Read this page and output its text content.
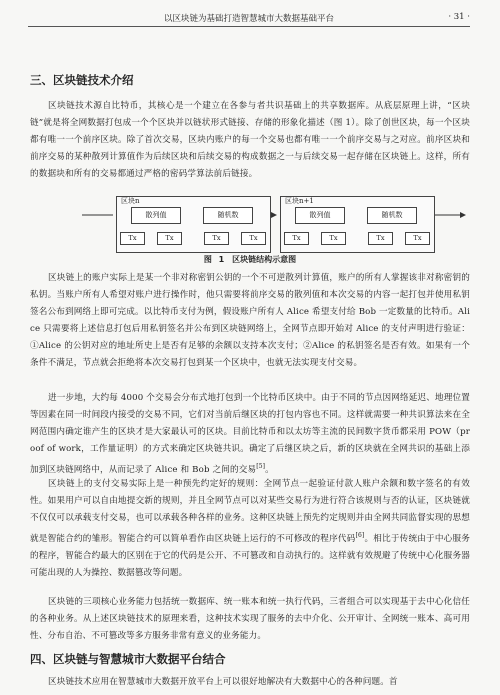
以区块链为基础打造智慧城市大数据基础平台	· 31 ·
三、区块链技术介绍

区块链技术源自比特币，其核心是一个建立在各参与者共识基础上的共享数据库。从底层原理上讲，“区块链”就是将全网数据打包成一个个区块并以链状形式链接、存储的形象化描述（图 1）。除了创世区块，每一个区块都有唯一一个前序区块。除了首次交易，区块内账户的每一个交易也都有唯一一个前序交易与之对应。前序区块和前序交易的某种散列计算值作为后续区块和后续交易的构成数据之一与后续交易一起存储在区块链上。这样，所有的数据块和所有的交易都通过严格的密码学算法前后链接。

区块n
散列值	随机数
Tx	Tx	Tx	Tx
区块n+1
散列值	随机数
Tx	Tx	Tx	Tx
图 1　区块链结构示意图

区块链上的账户实际上是某一个非对称密钥公钥的一个不可逆散列计算值，账户的所有人掌握该非对称密钥的私钥。当账户所有人希望对账户进行操作时，他只需要将前序交易的散列值和本次交易的内容一起打包并使用私钥签名公布到网络上即可完成。以比特币支付为例，假设账户所有人 Alice 希望支付给 Bob 一定数量的比特币。Alice 只需要将上述信息打包后用私钥签名并公布到区块链网络上，全网节点即开始对 Alice 的支付声明进行验证：①Alice 的公钥对应的地址所史上是否有足够的余额以支持本次支付；②Alice 的私钥签名是否有效。如果有一个条件不满足，节点就会拒绝将本次交易打包到某一个区块中，也就无法实现支付交易。

进一步地，大约每 4000 个交易会分布式地打包到一个比特币区块中。由于不同的节点因网络延迟、地理位置等因素在同一时间段内接受的交易不同，它们对当前后继区块的打包内容也不同。这样就需要一种共识算法来在全网范围内确定谁产生的区块才是大家最认可的区块。目前比特币和以太坊等主流的民间数字货币都采用 POW（proof of work，工作量证明）的方式来确定区块链共识。确定了后继区块之后，新的区块就在全网共识的基础上添加到区块链网络中，从而记录了 Alice 和 Bob 之间的交易[5]。

区块链上的支付交易实际上是一种预先约定好的规则：全网节点一起验证付款人账户余额和数字签名的有效性。如果用户可以自由地提交新的规则，并且全网节点可以对某些交易行为进行符合该规则与否的认证，区块链就不仅仅可以承载支付交易，也可以承载各种各样的业务。这种区块链上预先约定规则并由全网共同监督实现的思想就是智能合约的雏形。智能合约可以简单看作由区块链上运行的不可修改的程序代码[6]。相比于传统由于中心服务的程序，智能合约最大的区别在于它的代码是公开、不可篡改和自动执行的。这样就有效规避了传统中心化服务器可能出现的人为操控、数据篡改等问题。

区块链的三项核心业务能力包括统一数据库、统一账本和统一执行代码，三者组合可以实现基于去中心化信任的各种业务。从上述区块链技术的原理来看，这种技术实现了服务的去中介化、公开审计、全网统一账本、高可用性、分布自治、不可篡改等多方服务非常有意义的业务能力。

四、区块链与智慧城市大数据平台结合

区块链技术应用在智慧城市大数据开放平台上可以很好地解决有大数据中心的各种问题。首
